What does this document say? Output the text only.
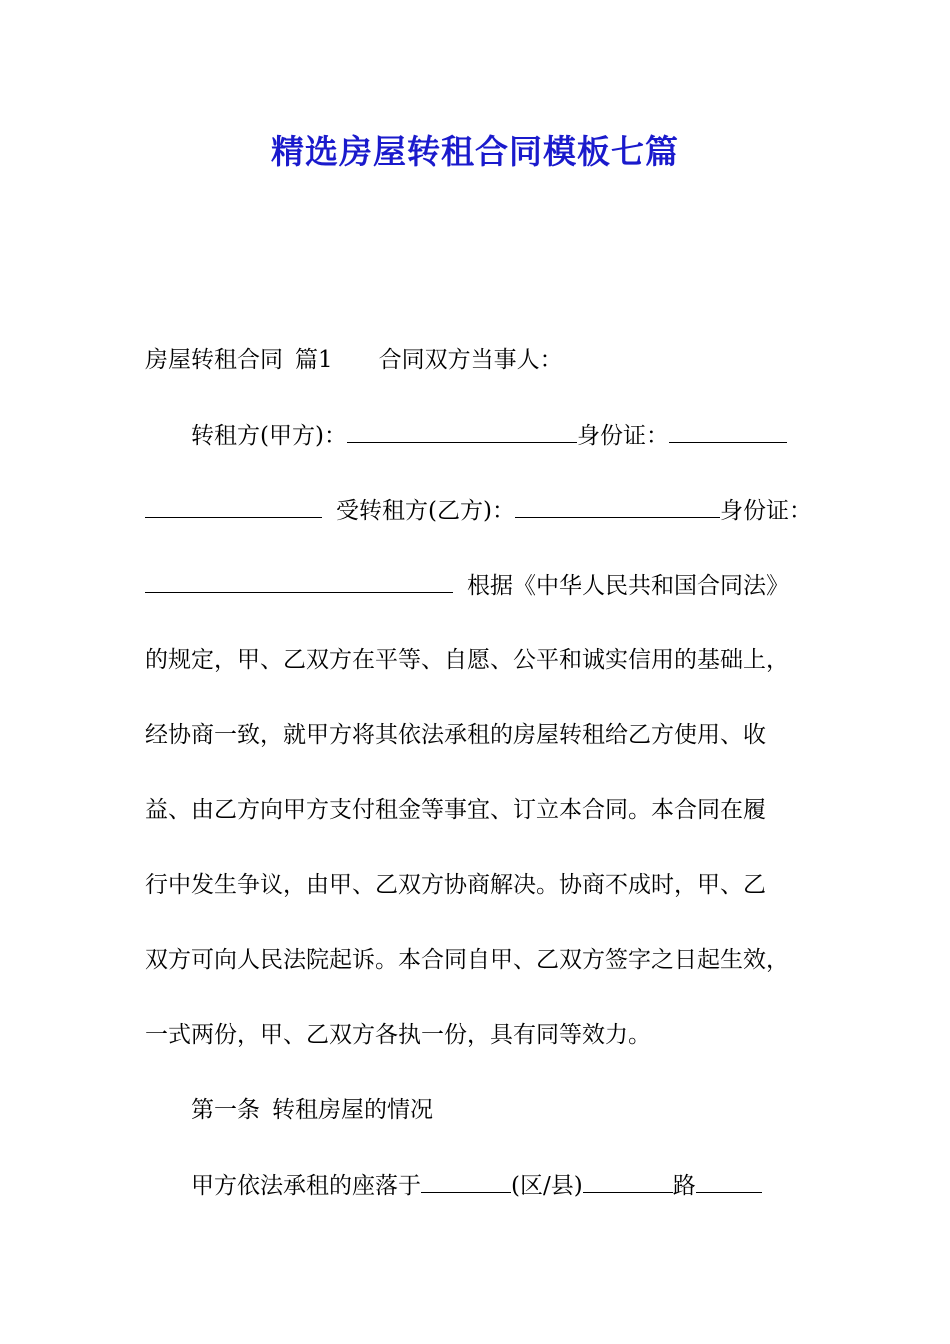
精选房屋转租合同模板七篇
房屋转租合同 篇1 合同双方当事人：
转租方(甲方)：	身份证：
受转租方(乙方)：	身份证：
根据《中华人民共和国合同法》
的规定，甲、乙双方在平等、自愿、公平和诚实信用的基础上，
经协商一致，就甲方将其依法承租的房屋转租给乙方使用、收
益、由乙方向甲方支付租金等事宜、订立本合同。本合同在履
行中发生争议，由甲、乙双方协商解决。协商不成时，甲、乙
双方可向人民法院起诉。本合同自甲、乙双方签字之日起生效，
一式两份，甲、乙双方各执一份，具有同等效力。
第一条 转租房屋的情况
甲方依法承租的座落于	(区/县)	路
